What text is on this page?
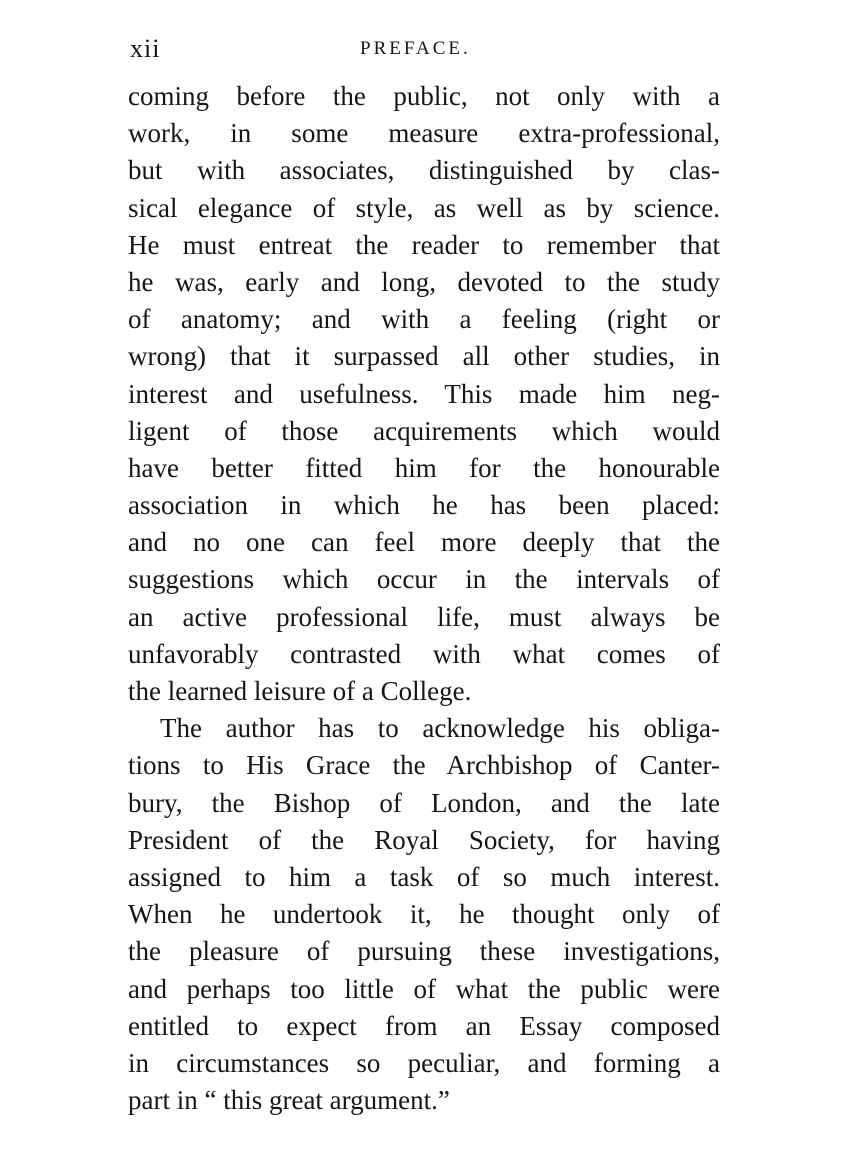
xii	PREFACE.
coming before the public, not only with a
work, in some measure extra-professional,
but with associates, distinguished by clas-
sical elegance of style, as well as by science.
He must entreat the reader to remember that
he was, early and long, devoted to the study
of anatomy; and with a feeling (right or
wrong) that it surpassed all other studies, in
interest and usefulness. This made him neg-
ligent of those acquirements which would
have better fitted him for the honourable
association in which he has been placed:
and no one can feel more deeply that the
suggestions which occur in the intervals of
an active professional life, must always be
unfavorably contrasted with what comes of
the learned leisure of a College.
The author has to acknowledge his obliga-
tions to His Grace the Archbishop of Canter-
bury, the Bishop of London, and the late
President of the Royal Society, for having
assigned to him a task of so much interest.
When he undertook it, he thought only of
the pleasure of pursuing these investigations,
and perhaps too little of what the public were
entitled to expect from an Essay composed
in circumstances so peculiar, and forming a
part in “ this great argument.”
